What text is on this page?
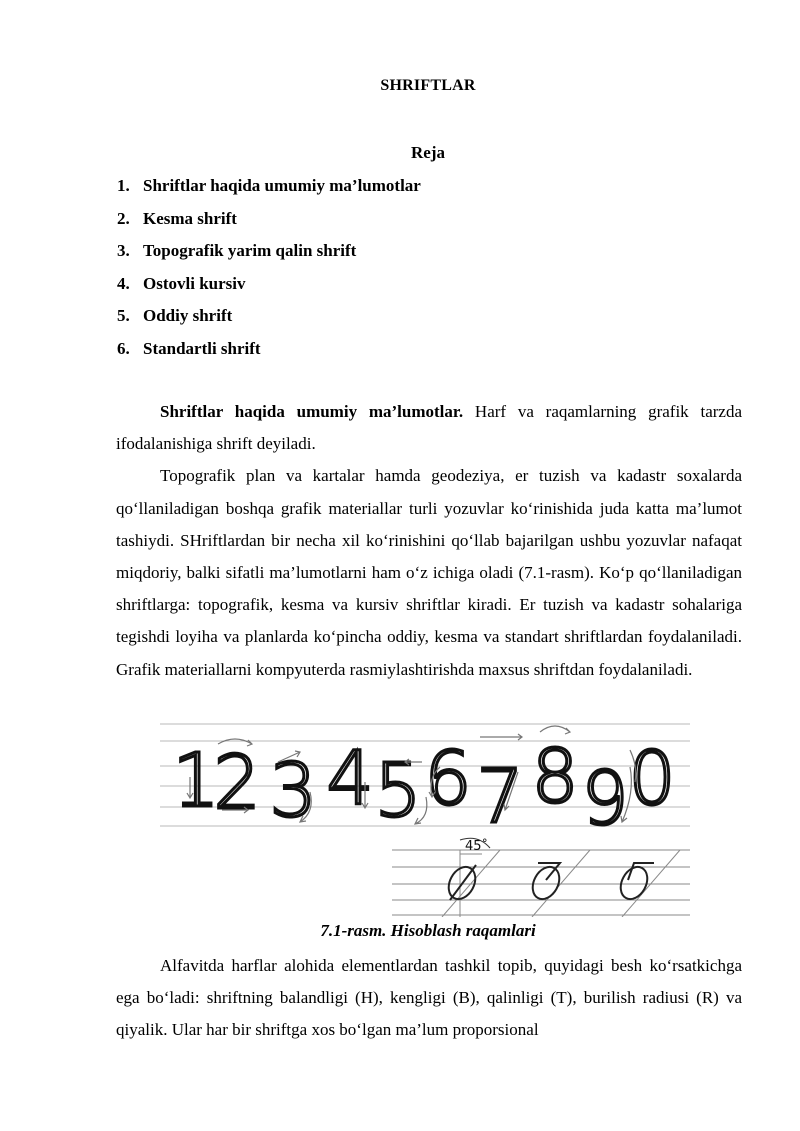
SHRIFTLAR
Reja
1. Shriftlar haqida umumiy ma’lumotlar
2. Kesma shrift
3. Topografik yarim qalin shrift
4. Ostovli kursiv
5. Oddiy shrift
6. Standartli shrift

Shriftlar haqida umumiy ma’lumotlar. Harf va raqamlarning grafik tarzda ifodalanishiga shrift deyiladi.

Topografik plan va kartalar hamda geodeziya, er tuzish va kadastr soxalarda qo‘llaniladigan boshqa grafik materiallar turli yozuvlar ko‘rinishida juda katta ma’lumot tashiydi. SHriftlardan bir necha xil ko‘rinishini qo‘llab bajarilgan ushbu yozuvlar nafaqat miqdoriy, balki sifatli ma’lumotlarni ham o‘z ichiga oladi (7.1-rasm). Ko‘p qo‘llaniladigan shriftlarga: topografik, kesma va kursiv shriftlar kiradi. Er tuzish va kadastr sohalariga tegishdi loyiha va planlarda ko‘pincha oddiy, kesma va standart shriftlardan foydalaniladi. Grafik materiallarni kompyuterda rasmiylashtirishda maxsus shriftdan foydalaniladi.

1
2 3 4 5 6 7 8 9 0
45˚
7.1-rasm. Hisoblash raqamlari

Alfavitda harflar alohida elementlardan tashkil topib, quyidagi besh ko‘rsatkichga ega bo‘ladi: shriftning balandligi (H), kengligi (B), qalinligi (T), burilish radiusi (R) va qiyalik. Ular har bir shriftga xos bo‘lgan ma’lum proporsional
